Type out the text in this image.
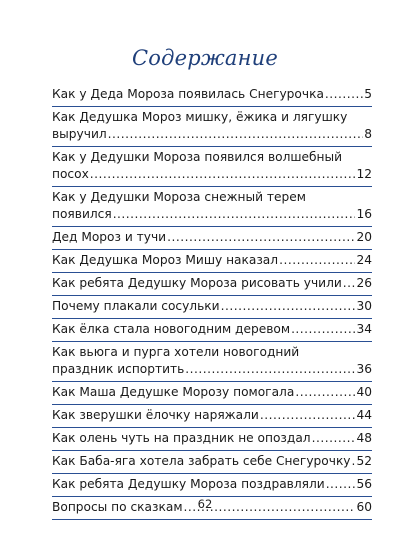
Содержание
Как у Деда Мороза появилась Снегурочка .....	5
Как Дедушка Мороз мишку, ёжика и лягушку
выручил .....	8
Как у Дедушки Мороза появился волшебный
посох .....	12
Как у Дедушки Мороза снежный терем
появился .....	16
Дед Мороз и тучи .....	20
Как Дедушка Мороз Мишу наказал .....	24
Как ребята Дедушку Мороза рисовать учили ..... 26
Почему плакали сосульки .....	30
Как ёлка стала новогодним деревом .....	34
Как вьюга и пурга хотели новогодний
праздник испортить .....	36
Как Маша Дедушке Морозу помогала .....	40
Как зверушки ёлочку наряжали .....	44
Как олень чуть на праздник не опоздал .....	48
Как Баба-яга хотела забрать себе Снегурочку ..... 52
Как ребята Дедушку Мороза поздравляли .....	56
Вопросы по сказкам .....	60
62
